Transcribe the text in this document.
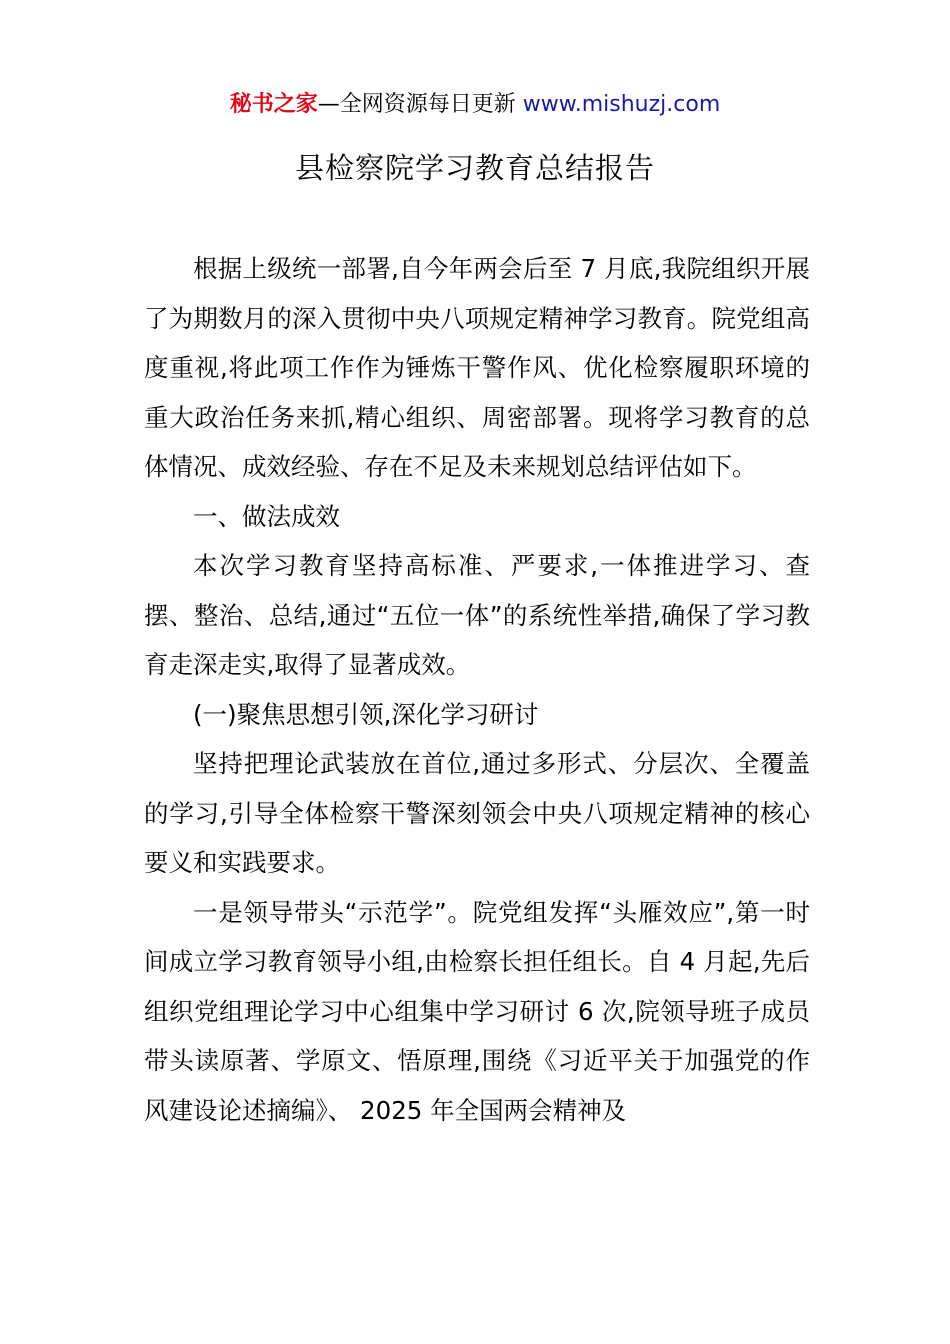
秘书之家—全网资源每日更新 www.mishuzj.com
县检察院学习教育总结报告

根据上级统一部署,自今年两会后至 7 月底,我院组织开展了为期数月的深入贯彻中央八项规定精神学习教育。院党组高度重视,将此项工作作为锤炼干警作风、优化检察履职环境的重大政治任务来抓,精心组织、周密部署。现将学习教育的总体情况、成效经验、存在不足及未来规划总结评估如下。

一、做法成效

本次学习教育坚持高标准、严要求,一体推进学习、查摆、整治、总结,通过“五位一体”的系统性举措,确保了学习教育走深走实,取得了显著成效。

(一)聚焦思想引领,深化学习研讨

坚持把理论武装放在首位,通过多形式、分层次、全覆盖的学习,引导全体检察干警深刻领会中央八项规定精神的核心要义和实践要求。

一是领导带头“示范学”。院党组发挥“头雁效应”,第一时间成立学习教育领导小组,由检察长担任组长。自 4 月起,先后组织党组理论学习中心组集中学习研讨 6 次,院领导班子成员带头读原著、学原文、悟原理,围绕《习近平关于加强党的作风建设论述摘编》、 2025 年全国两会精神及
